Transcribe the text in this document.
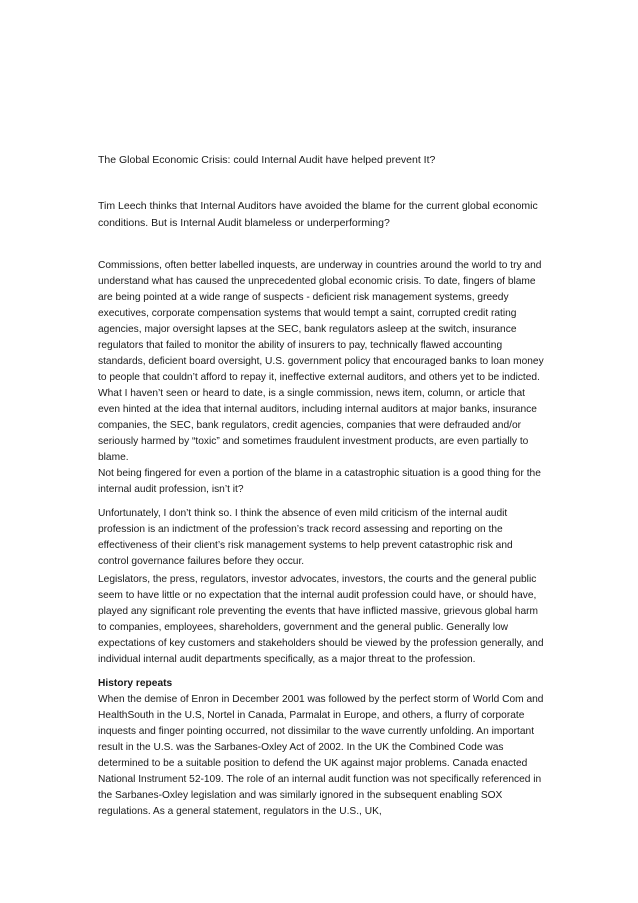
The Global Economic Crisis: could Internal Audit have helped prevent It?

Tim Leech thinks that Internal Auditors have avoided the blame for the current global economic conditions. But is Internal Audit blameless or underperforming?

Commissions, often better labelled inquests, are underway in countries around the world to try and understand what has caused the unprecedented global economic crisis. To date, fingers of blame are being pointed at a wide range of suspects - deficient risk management systems, greedy executives, corporate compensation systems that would tempt a saint, corrupted credit rating agencies, major oversight lapses at the SEC, bank regulators asleep at the switch, insurance regulators that failed to monitor the ability of insurers to pay, technically flawed accounting standards, deficient board oversight, U.S. government policy that encouraged banks to loan money to people that couldn’t afford to repay it, ineffective external auditors, and others yet to be indicted.

What I haven’t seen or heard to date, is a single commission, news item, column, or article that even hinted at the idea that internal auditors, including internal auditors at major banks, insurance companies, the SEC, bank regulators, credit agencies, companies that were defrauded and/or seriously harmed by “toxic” and sometimes fraudulent investment products, are even partially to blame.

Not being fingered for even a portion of the blame in a catastrophic situation is a good thing for the internal audit profession, isn’t it?

Unfortunately, I don’t think so. I think the absence of even mild criticism of the internal audit profession is an indictment of the profession’s track record assessing and reporting on the effectiveness of their client’s risk management systems to help prevent catastrophic risk and control governance failures before they occur.

Legislators, the press, regulators, investor advocates, investors, the courts and the general public seem to have little or no expectation that the internal audit profession could have, or should have, played any significant role preventing the events that have inflicted massive, grievous global harm to companies, employees, shareholders, government and the general public. Generally low expectations of key customers and stakeholders should be viewed by the profession generally, and individual internal audit departments specifically, as a major threat to the profession.

History repeats
When the demise of Enron in December 2001 was followed by the perfect storm of World Com and HealthSouth in the U.S, Nortel in Canada, Parmalat in Europe, and others, a flurry of corporate inquests and finger pointing occurred, not dissimilar to the wave currently unfolding. An important result in the U.S. was the Sarbanes-Oxley Act of 2002. In the UK the Combined Code was determined to be a suitable position to defend the UK against major problems. Canada enacted National Instrument 52-109. The role of an internal audit function was not specifically referenced in the Sarbanes-Oxley legislation and was similarly ignored in the subsequent enabling SOX regulations. As a general statement, regulators in the U.S., UK,
